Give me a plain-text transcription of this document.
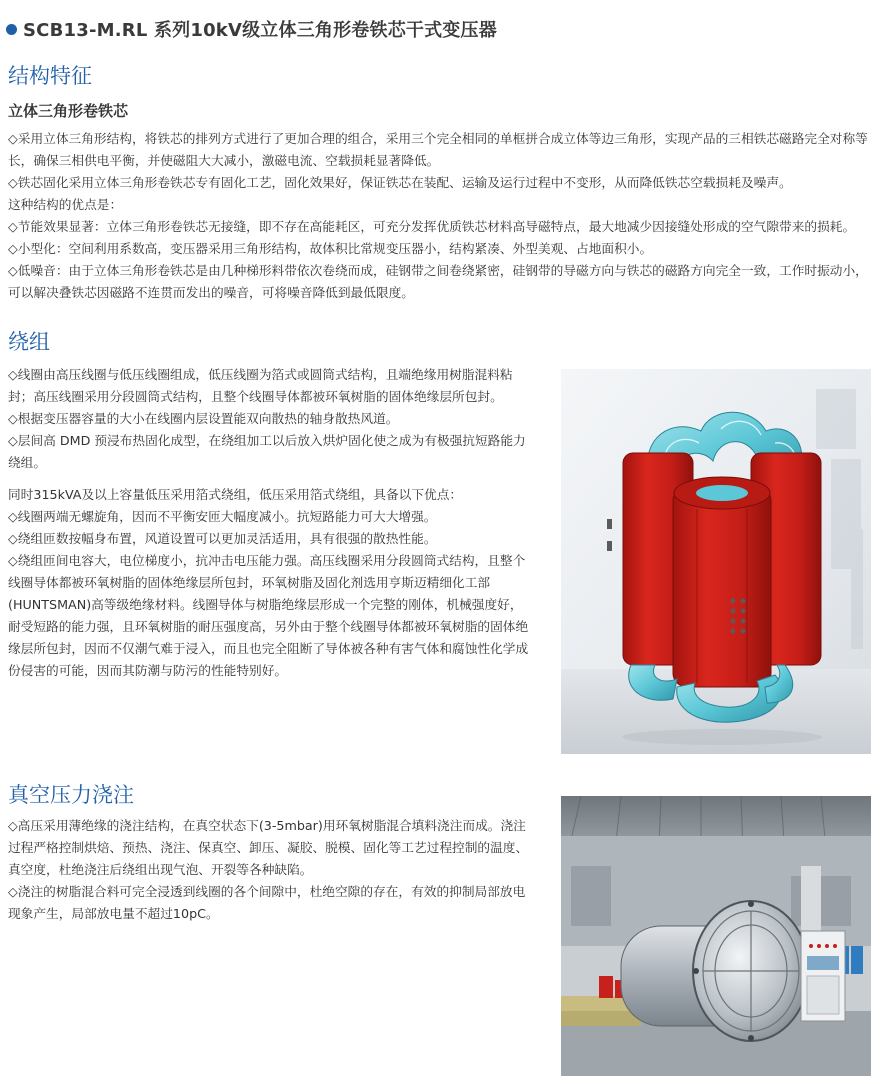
SCB13-M.RL 系列10kV级立体三角形卷铁芯干式变压器
结构特征
立体三角形卷铁芯

◇采用立体三角形结构，将铁芯的排列方式进行了更加合理的组合，采用三个完全相同的单框拼合成立体等边三角形，实现产品的三相铁芯磁路完全对称等长，确保三相供电平衡，并使磁阻大大减小，激磁电流、空载损耗显著降低。

◇铁芯固化采用立体三角形卷铁芯专有固化工艺，固化效果好，保证铁芯在装配、运输及运行过程中不变形，从而降低铁芯空载损耗及噪声。

这种结构的优点是：

◇节能效果显著：立体三角形卷铁芯无接缝，即不存在高能耗区，可充分发挥优质铁芯材料高导磁特点，最大地减少因接缝处形成的空气隙带来的损耗。

◇小型化：空间利用系数高，变压器采用三角形结构，故体积比常规变压器小，结构紧凑、外型美观、占地面积小。

◇低噪音：由于立体三角形卷铁芯是由几种梯形料带依次卷绕而成，硅钢带之间卷绕紧密，硅钢带的导磁方向与铁芯的磁路方向完全一致，工作时振动小，可以解决叠铁芯因磁路不连贯而发出的噪音，可将噪音降低到最低限度。

绕组

◇线圈由高压线圈与低压线圈组成，低压线圈为箔式或圆筒式结构，且端绝缘用树脂混料粘封；高压线圈采用分段圆筒式结构，且整个线圈导体都被环氧树脂的固体绝缘层所包封。

◇根据变压器容量的大小在线圈内层设置能双向散热的轴身散热风道。

◇层间高 DMD 预浸布热固化成型，在绕组加工以后放入烘炉固化使之成为有极强抗短路能力绕组。

同时315kVA及以上容量低压采用箔式绕组，低压采用箔式绕组，具备以下优点：

◇线圈两端无螺旋角，因而不平衡安匝大幅度减小。抗短路能力可大大增强。

◇绕组匝数按幅身布置，风道设置可以更加灵活适用，具有很强的散热性能。

◇绕组匝间电容大，电位梯度小，抗冲击电压能力强。高压线圈采用分段圆筒式结构，且整个线圈导体都被环氧树脂的固体绝缘层所包封，环氧树脂及固化剂选用亨斯迈精细化工部(HUNTSMAN)高等级绝缘材料。线圈导体与树脂绝缘层形成一个完整的刚体，机械强度好，耐受短路的能力强，且环氧树脂的耐压强度高，另外由于整个线圈导体都被环氧树脂的固体绝缘层所包封，因而不仅潮气难于浸入，而且也完全阻断了导体被各种有害气体和腐蚀性化学成份侵害的可能，因而其防潮与防污的性能特别好。

真空压力浇注

◇高压采用薄绝缘的浇注结构，在真空状态下(3-5mbar)用环氧树脂混合填料浇注而成。浇注过程严格控制烘焙、预热、浇注、保真空、卸压、凝胶、脱模、固化等工艺过程控制的温度、真空度，杜绝浇注后绕组出现气泡、开裂等各种缺陷。

◇浇注的树脂混合料可完全浸透到线圈的各个间隙中，杜绝空隙的存在，有效的抑制局部放电现象产生，局部放电量不超过10pC。
